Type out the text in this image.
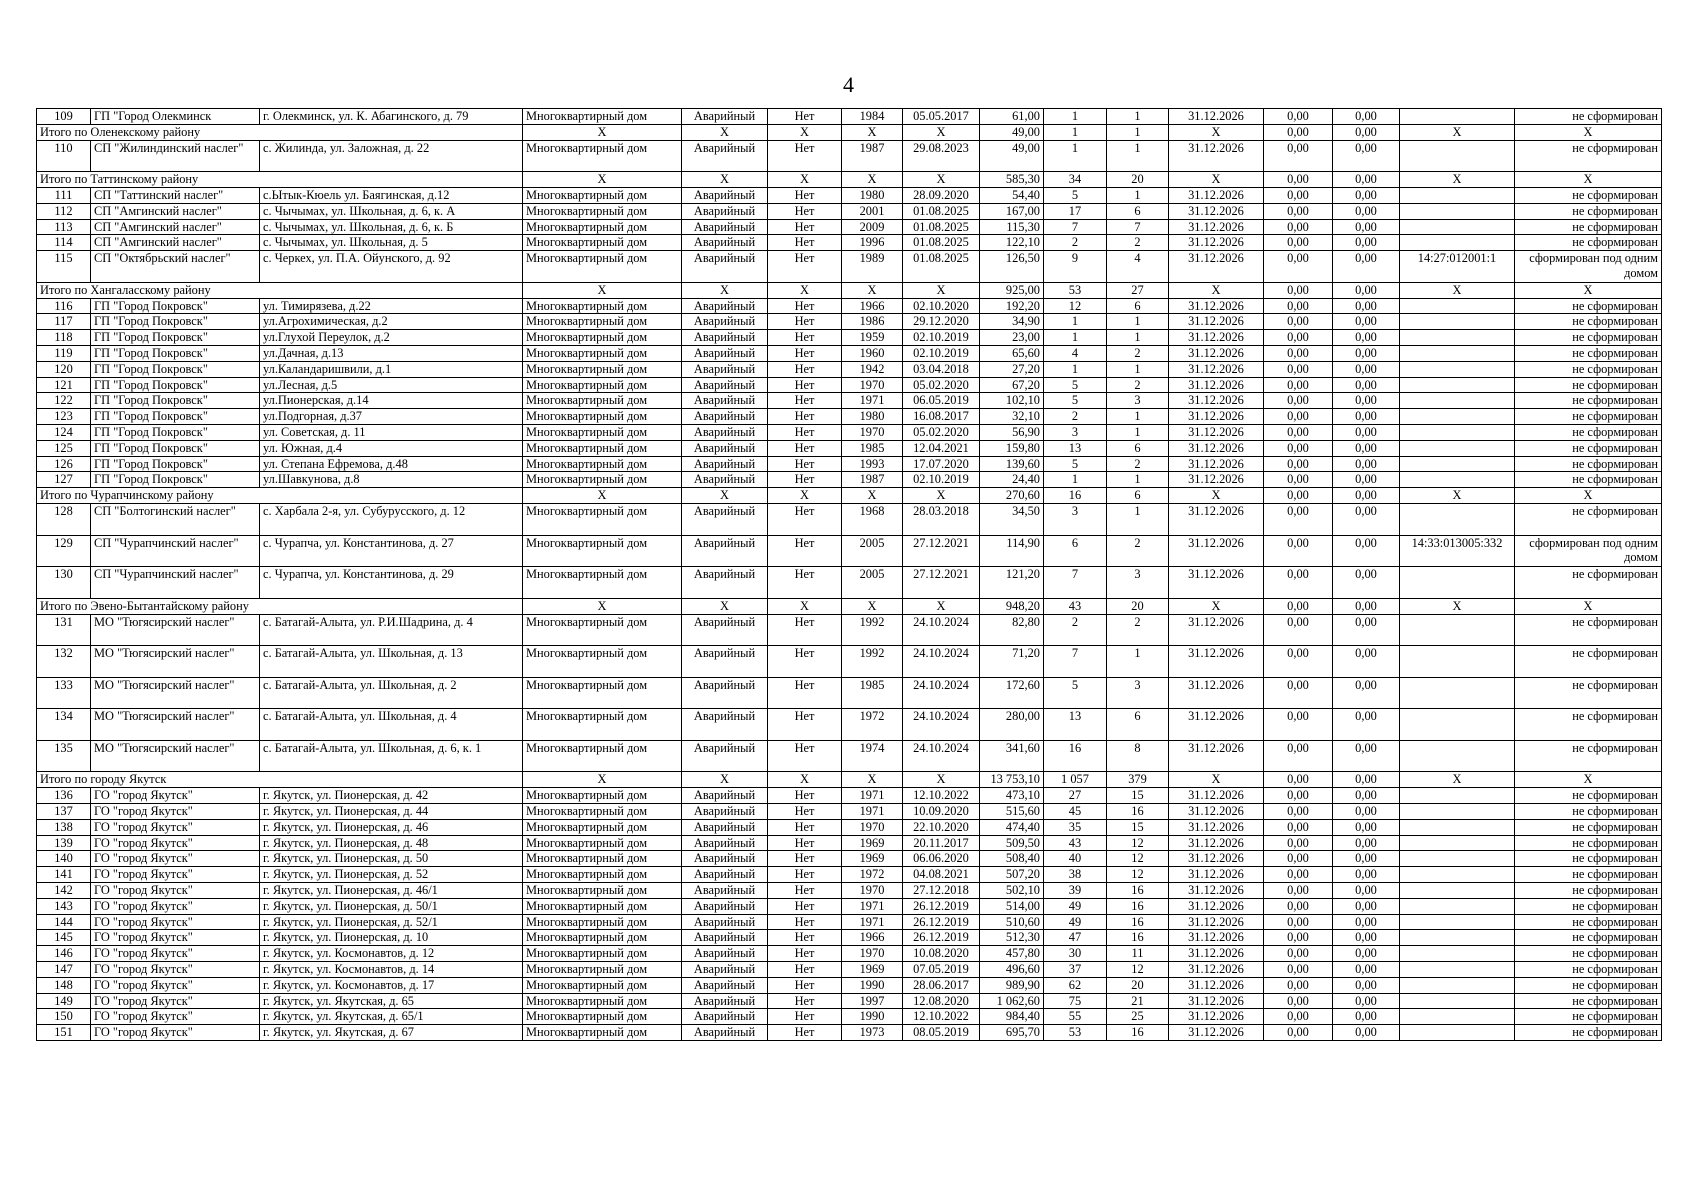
4
109	ГП "Город Олекминск	г. Олекминск, ул. К. Абагинского, д. 79	Многоквартирный дом	Аварийный	Нет	1984	05.05.2017	61,00	1	1	31.12.2026	0,00	0,00		не сформирован
Итого по Оленекскому району			X	X	X	X	X	49,00	1	1	X	0,00	0,00	X	X
110	СП "Жилиндинский наслег"	с. Жилинда, ул. Заложная, д. 22	Многоквартирный дом	Аварийный	Нет	1987	29.08.2023	49,00	1	1	31.12.2026	0,00	0,00		не сформирован
Итого по Таттинскому району			X	X	X	X	X	585,30	34	20	X	0,00	0,00	X	X
111	СП "Таттинский наслег"	с.Ытык-Кюель ул. Баягинская, д.12	Многоквартирный дом	Аварийный	Нет	1980	28.09.2020	54,40	5	1	31.12.2026	0,00	0,00		не сформирован
112	СП "Амгинский наслег"	с. Чычымах, ул. Школьная, д. 6, к. А	Многоквартирный дом	Аварийный	Нет	2001	01.08.2025	167,00	17	6	31.12.2026	0,00	0,00		не сформирован
113	СП "Амгинский наслег"	с. Чычымах, ул. Школьная, д. 6, к. Б	Многоквартирный дом	Аварийный	Нет	2009	01.08.2025	115,30	7	7	31.12.2026	0,00	0,00		не сформирован
114	СП "Амгинский наслег"	с. Чычымах, ул. Школьная, д. 5	Многоквартирный дом	Аварийный	Нет	1996	01.08.2025	122,10	2	2	31.12.2026	0,00	0,00		не сформирован
115	СП "Октябрьский наслег"	с. Черкех, ул. П.А. Ойунского, д. 92	Многоквартирный дом	Аварийный	Нет	1989	01.08.2025	126,50	9	4	31.12.2026	0,00	0,00	14:27:012001:1	сформирован под одним домом
Итого по Хангаласскому району			X	X	X	X	X	925,00	53	27	X	0,00	0,00	X	X
116	ГП "Город Покровск"	ул. Тимирязева, д.22	Многоквартирный дом	Аварийный	Нет	1966	02.10.2020	192,20	12	6	31.12.2026	0,00	0,00		не сформирован
117	ГП "Город Покровск"	ул.Агрохимическая, д.2	Многоквартирный дом	Аварийный	Нет	1986	29.12.2020	34,90	1	1	31.12.2026	0,00	0,00		не сформирован
118	ГП "Город Покровск"	ул.Глухой Переулок, д.2	Многоквартирный дом	Аварийный	Нет	1959	02.10.2019	23,00	1	1	31.12.2026	0,00	0,00		не сформирован
119	ГП "Город Покровск"	ул.Дачная, д.13	Многоквартирный дом	Аварийный	Нет	1960	02.10.2019	65,60	4	2	31.12.2026	0,00	0,00		не сформирован
120	ГП "Город Покровск"	ул.Каландаришвили, д.1	Многоквартирный дом	Аварийный	Нет	1942	03.04.2018	27,20	1	1	31.12.2026	0,00	0,00		не сформирован
121	ГП "Город Покровск"	ул.Лесная, д.5	Многоквартирный дом	Аварийный	Нет	1970	05.02.2020	67,20	5	2	31.12.2026	0,00	0,00		не сформирован
122	ГП "Город Покровск"	ул.Пионерская, д.14	Многоквартирный дом	Аварийный	Нет	1971	06.05.2019	102,10	5	3	31.12.2026	0,00	0,00		не сформирован
123	ГП "Город Покровск"	ул.Подгорная, д.37	Многоквартирный дом	Аварийный	Нет	1980	16.08.2017	32,10	2	1	31.12.2026	0,00	0,00		не сформирован
124	ГП "Город Покровск"	ул. Советская, д. 11	Многоквартирный дом	Аварийный	Нет	1970	05.02.2020	56,90	3	1	31.12.2026	0,00	0,00		не сформирован
125	ГП "Город Покровск"	ул. Южная, д.4	Многоквартирный дом	Аварийный	Нет	1985	12.04.2021	159,80	13	6	31.12.2026	0,00	0,00		не сформирован
126	ГП "Город Покровск"	ул. Степана Ефремова, д.48	Многоквартирный дом	Аварийный	Нет	1993	17.07.2020	139,60	5	2	31.12.2026	0,00	0,00		не сформирован
127	ГП "Город Покровск"	ул.Шавкунова, д.8	Многоквартирный дом	Аварийный	Нет	1987	02.10.2019	24,40	1	1	31.12.2026	0,00	0,00		не сформирован
Итого по Чурапчинскому району			X	X	X	X	X	270,60	16	6	X	0,00	0,00	X	X
128	СП "Болтогинский наслег"	с. Харбала 2-я, ул. Субурусского, д. 12	Многоквартирный дом	Аварийный	Нет	1968	28.03.2018	34,50	3	1	31.12.2026	0,00	0,00		не сформирован
129	СП "Чурапчинский наслег"	с. Чурапча, ул. Константинова, д. 27	Многоквартирный дом	Аварийный	Нет	2005	27.12.2021	114,90	6	2	31.12.2026	0,00	0,00	14:33:013005:332	сформирован под одним домом
130	СП "Чурапчинский наслег"	с. Чурапча, ул. Константинова, д. 29	Многоквартирный дом	Аварийный	Нет	2005	27.12.2021	121,20	7	3	31.12.2026	0,00	0,00		не сформирован
Итого по Эвено-Бытантайскому району			X	X	X	X	X	948,20	43	20	X	0,00	0,00	X	X
131	МО "Тюгясирский наслег"	с. Батагай-Алыта, ул. Р.И.Шадрина, д. 4	Многоквартирный дом	Аварийный	Нет	1992	24.10.2024	82,80	2	2	31.12.2026	0,00	0,00		не сформирован
132	МО "Тюгясирский наслег"	с. Батагай-Алыта, ул. Школьная, д. 13	Многоквартирный дом	Аварийный	Нет	1992	24.10.2024	71,20	7	1	31.12.2026	0,00	0,00		не сформирован
133	МО "Тюгясирский наслег"	с. Батагай-Алыта, ул. Школьная, д. 2	Многоквартирный дом	Аварийный	Нет	1985	24.10.2024	172,60	5	3	31.12.2026	0,00	0,00		не сформирован
134	МО "Тюгясирский наслег"	с. Батагай-Алыта, ул. Школьная, д. 4	Многоквартирный дом	Аварийный	Нет	1972	24.10.2024	280,00	13	6	31.12.2026	0,00	0,00		не сформирован
135	МО "Тюгясирский наслег"	с. Батагай-Алыта, ул. Школьная, д. 6, к. 1	Многоквартирный дом	Аварийный	Нет	1974	24.10.2024	341,60	16	8	31.12.2026	0,00	0,00		не сформирован
Итого по городу Якутск			X	X	X	X	X	13 753,10	1 057	379	X	0,00	0,00	X	X
136	ГО "город Якутск"	г. Якутск, ул. Пионерская, д. 42	Многоквартирный дом	Аварийный	Нет	1971	12.10.2022	473,10	27	15	31.12.2026	0,00	0,00		не сформирован
137	ГО "город Якутск"	г. Якутск, ул. Пионерская, д. 44	Многоквартирный дом	Аварийный	Нет	1971	10.09.2020	515,60	45	16	31.12.2026	0,00	0,00		не сформирован
138	ГО "город Якутск"	г. Якутск, ул. Пионерская, д. 46	Многоквартирный дом	Аварийный	Нет	1970	22.10.2020	474,40	35	15	31.12.2026	0,00	0,00		не сформирован
139	ГО "город Якутск"	г. Якутск, ул. Пионерская, д. 48	Многоквартирный дом	Аварийный	Нет	1969	20.11.2017	509,50	43	12	31.12.2026	0,00	0,00		не сформирован
140	ГО "город Якутск"	г. Якутск, ул. Пионерская, д. 50	Многоквартирный дом	Аварийный	Нет	1969	06.06.2020	508,40	40	12	31.12.2026	0,00	0,00		не сформирован
141	ГО "город Якутск"	г. Якутск, ул. Пионерская, д. 52	Многоквартирный дом	Аварийный	Нет	1972	04.08.2021	507,20	38	12	31.12.2026	0,00	0,00		не сформирован
142	ГО "город Якутск"	г. Якутск, ул. Пионерская, д. 46/1	Многоквартирный дом	Аварийный	Нет	1970	27.12.2018	502,10	39	16	31.12.2026	0,00	0,00		не сформирован
143	ГО "город Якутск"	г. Якутск, ул. Пионерская, д. 50/1	Многоквартирный дом	Аварийный	Нет	1971	26.12.2019	514,00	49	16	31.12.2026	0,00	0,00		не сформирован
144	ГО "город Якутск"	г. Якутск, ул. Пионерская, д. 52/1	Многоквартирный дом	Аварийный	Нет	1971	26.12.2019	510,60	49	16	31.12.2026	0,00	0,00		не сформирован
145	ГО "город Якутск"	г. Якутск, ул. Пионерская, д. 10	Многоквартирный дом	Аварийный	Нет	1966	26.12.2019	512,30	47	16	31.12.2026	0,00	0,00		не сформирован
146	ГО "город Якутск"	г. Якутск, ул. Космонавтов, д. 12	Многоквартирный дом	Аварийный	Нет	1970	10.08.2020	457,80	30	11	31.12.2026	0,00	0,00		не сформирован
147	ГО "город Якутск"	г. Якутск, ул. Космонавтов, д. 14	Многоквартирный дом	Аварийный	Нет	1969	07.05.2019	496,60	37	12	31.12.2026	0,00	0,00		не сформирован
148	ГО "город Якутск"	г. Якутск, ул. Космонавтов, д. 17	Многоквартирный дом	Аварийный	Нет	1990	28.06.2017	989,90	62	20	31.12.2026	0,00	0,00		не сформирован
149	ГО "город Якутск"	г. Якутск, ул. Якутская, д. 65	Многоквартирный дом	Аварийный	Нет	1997	12.08.2020	1 062,60	75	21	31.12.2026	0,00	0,00		не сформирован
150	ГО "город Якутск"	г. Якутск, ул. Якутская, д. 65/1	Многоквартирный дом	Аварийный	Нет	1990	12.10.2022	984,40	55	25	31.12.2026	0,00	0,00		не сформирован
151	ГО "город Якутск"	г. Якутск, ул. Якутская, д. 67	Многоквартирный дом	Аварийный	Нет	1973	08.05.2019	695,70	53	16	31.12.2026	0,00	0,00		не сформирован
